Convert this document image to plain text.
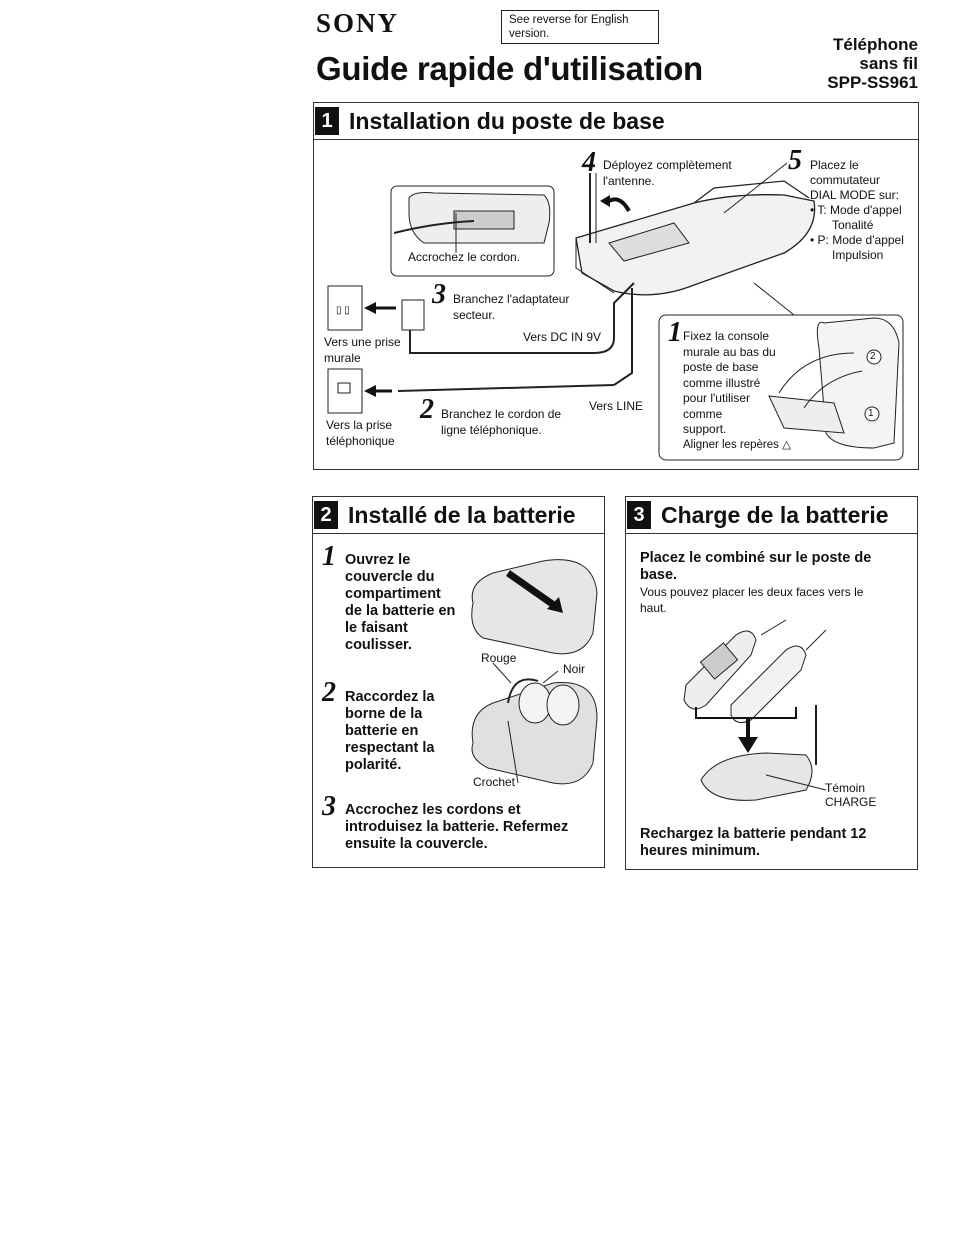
SONY	See reverse for English version.
Guide rapide d'utilisation
Téléphone
sans fil
SPP-SS961
1 Installation du poste de base
▯ ▯
4 Déployez complètement
l'antenne.
5 Placez le
commutateur
DIAL MODE sur:
• T: Mode d'appel
Tonalité
• P: Mode d'appel
Impulsion
Accrochez le cordon.
3 Branchez l'adaptateur
secteur.
Vers DC IN 9V
Vers une prise
murale
Vers LINE
Vers la prise
téléphonique
2 Branchez le cordon de
ligne téléphonique.
1 Fixez la console
murale au bas du
poste de base
comme illustré
pour l'utiliser
comme
support.
Aligner les repères △
2
1
2 Installé de la batterie
1 Ouvrez le
couvercle du
compartiment
de la batterie en
le faisant
coulisser.
Rouge
Noir
2 Raccordez la
borne de la
batterie en
respectant la
polarité.
Crochet
3 Accrochez les cordons et
introduisez la batterie. Refermez
ensuite la couvercle.
3 Charge de la batterie
Placez le combiné sur le poste de
base.
Vous pouvez placer les deux faces vers le
haut.
Témoin
CHARGE
Rechargez la batterie pendant 12
heures minimum.
